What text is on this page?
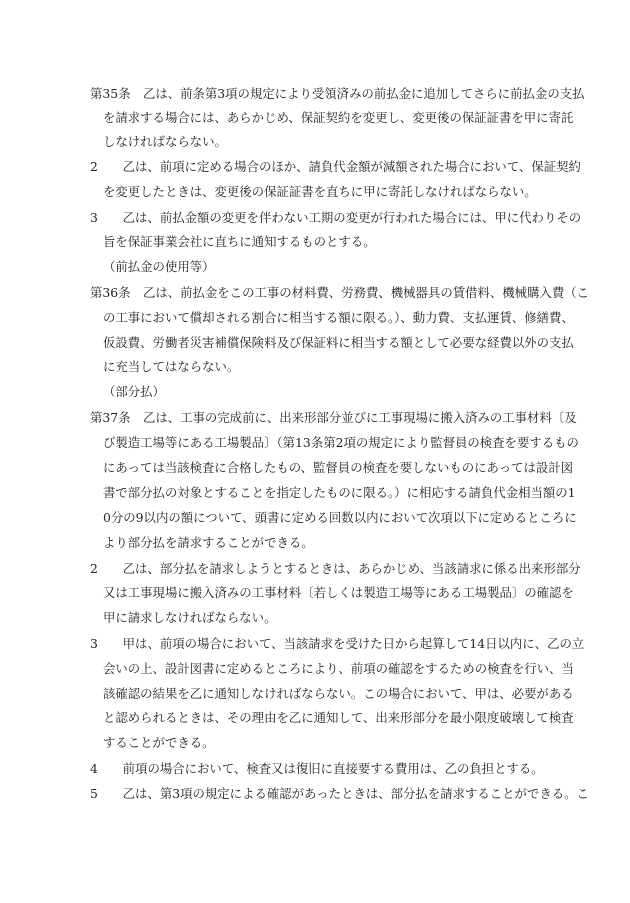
第35条　乙は、前条第3項の規定により受領済みの前払金に追加してさらに前払金の支払
を請求する場合には、あらかじめ、保証契約を変更し、変更後の保証証書を甲に寄託
しなければならない。
2　　乙は、前項に定める場合のほか、請負代金額が減額された場合において、保証契約
を変更したときは、変更後の保証証書を直ちに甲に寄託しなければならない。
3　　乙は、前払金額の変更を伴わない工期の変更が行われた場合には、甲に代わりその
旨を保証事業会社に直ちに通知するものとする。
（前払金の使用等）
第36条　乙は、前払金をこの工事の材料費、労務費、機械器具の賃借料、機械購入費（こ
の工事において償却される割合に相当する額に限る。）、動力費、支払運賃、修繕費、
仮設費、労働者災害補償保険料及び保証料に相当する額として必要な経費以外の支払
に充当してはならない。
（部分払）
第37条　乙は、工事の完成前に、出来形部分並びに工事現場に搬入済みの工事材料〔及
び製造工場等にある工場製品〕（第13条第2項の規定により監督員の検査を要するもの
にあっては当該検査に合格したもの、監督員の検査を要しないものにあっては設計図
書で部分払の対象とすることを指定したものに限る。）に相応する請負代金相当額の1
0分の9以内の額について、頭書に定める回数以内において次項以下に定めるところに
より部分払を請求することができる。
2　　乙は、部分払を請求しようとするときは、あらかじめ、当該請求に係る出来形部分
又は工事現場に搬入済みの工事材料〔若しくは製造工場等にある工場製品〕の確認を
甲に請求しなければならない。
3　　甲は、前項の場合において、当該請求を受けた日から起算して14日以内に、乙の立
会いの上、設計図書に定めるところにより、前項の確認をするための検査を行い、当
該確認の結果を乙に通知しなければならない。この場合において、甲は、必要がある
と認められるときは、その理由を乙に通知して、出来形部分を最小限度破壊して検査
することができる。
4　　前項の場合において、検査又は復旧に直接要する費用は、乙の負担とする。
5　　乙は、第3項の規定による確認があったときは、部分払を請求することができる。こ
